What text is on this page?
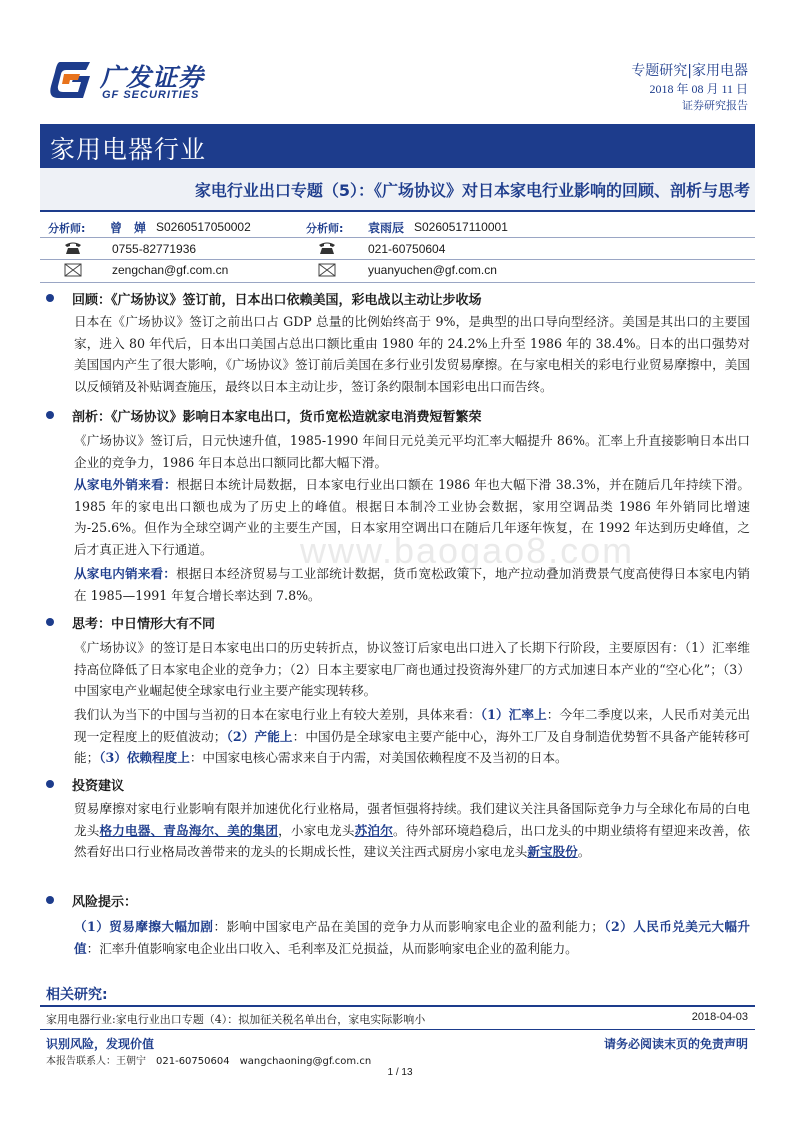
广发证券
GF SECURITIES
专题研究|家用电器
2018 年 08 月 11 日
证券研究报告
家用电器行业
家电行业出口专题（5）：《广场协议》对日本家电行业影响的回顾、剖析与思考
分析师: 曾　婵 S0260517050002
0755-82771936
zengchan@gf.com.cn
分析师: 袁雨辰 S0260517110001
021-60750604
yuanyuchen@gf.com.cn
www.baogao8.com
回顾：《广场协议》签订前，日本出口依赖美国，彩电战以主动让步收场
日本在《广场协议》签订之前出口占 GDP 总量的比例始终高于 9%，是典型的出口导向型经济。美国是其出口的主要国家，进入 80 年代后，日本出口美国占总出口额比重由 1980 年的 24.2%上升至 1986 年的 38.4%。日本的出口强势对美国国内产生了很大影响，《广场协议》签订前后美国在多行业引发贸易摩擦。在与家电相关的彩电行业贸易摩擦中，美国以反倾销及补贴调查施压，最终以日本主动让步，签订条约限制本国彩电出口而告终。
剖析：《广场协议》影响日本家电出口，货币宽松造就家电消费短暂繁荣
《广场协议》签订后，日元快速升值，1985-1990 年间日元兑美元平均汇率大幅提升 86%。汇率上升直接影响日本出口企业的竞争力，1986 年日本总出口额同比都大幅下滑。
从家电外销来看：根据日本统计局数据，日本家电行业出口额在 1986 年也大幅下滑 38.3%，并在随后几年持续下滑。1985 年的家电出口额也成为了历史上的峰值。根据日本制冷工业协会数据，家用空调品类 1986 年外销同比增速为-25.6%。但作为全球空调产业的主要生产国，日本家用空调出口在随后几年逐年恢复，在 1992 年达到历史峰值，之后才真正进入下行通道。
从家电内销来看：根据日本经济贸易与工业部统计数据，货币宽松政策下，地产拉动叠加消费景气度高使得日本家电内销在 1985—1991 年复合增长率达到 7.8%。
思考：中日情形大有不同
《广场协议》的签订是日本家电出口的历史转折点，协议签订后家电出口进入了长期下行阶段，主要原因有：（1）汇率维持高位降低了日本家电企业的竞争力；（2）日本主要家电厂商也通过投资海外建厂的方式加速日本产业的“空心化”；（3）中国家电产业崛起使全球家电行业主要产能实现转移。
我们认为当下的中国与当初的日本在家电行业上有较大差别，具体来看：（1）汇率上：今年二季度以来，人民币对美元出现一定程度上的贬值波动；（2）产能上：中国仍是全球家电主要产能中心，海外工厂及自身制造优势暂不具备产能转移可能；（3）依赖程度上：中国家电核心需求来自于内需，对美国依赖程度不及当初的日本。
投资建议
贸易摩擦对家电行业影响有限并加速优化行业格局，强者恒强将持续。我们建议关注具备国际竞争力与全球化布局的白电龙头格力电器、青岛海尔、美的集团，小家电龙头苏泊尔。待外部环境趋稳后，出口龙头的中期业绩将有望迎来改善，依然看好出口行业格局改善带来的龙头的长期成长性，建议关注西式厨房小家电龙头新宝股份。
风险提示：
（1）贸易摩擦大幅加剧：影响中国家电产品在美国的竞争力从而影响家电企业的盈利能力；（2）人民币兑美元大幅升值：汇率升值影响家电企业出口收入、毛利率及汇兑损益，从而影响家电企业的盈利能力。
相关研究:
家用电器行业:家电行业出口专题（4）：拟加征关税名单出台，家电实际影响小	2018-04-03
识别风险，发现价值
本报告联系人：王朝宁　021-60750604　wangchaoning@gf.com.cn
请务必阅读末页的免责声明
1 / 13
